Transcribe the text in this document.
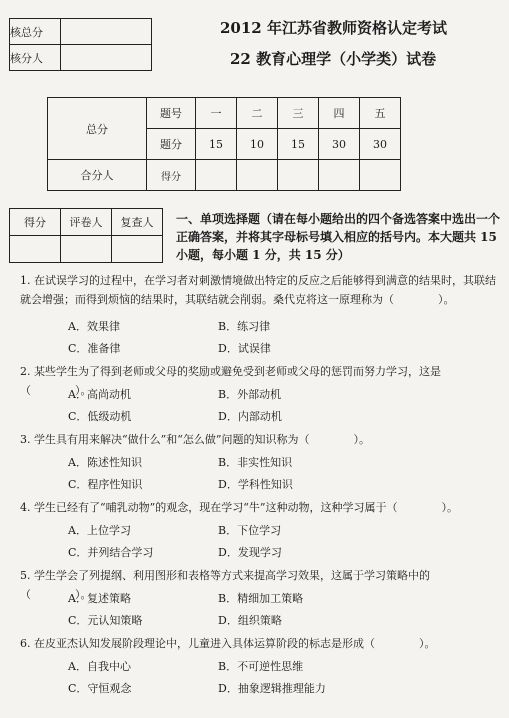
核总分	
核分人	
2012 年江苏省教师资格认定考试
22 教育心理学（小学类）试卷
总分	题号	一	二	三	四	五
	题分	15	10	15	30	30
合分人	得分					
得分	评卷人	复查人
		一、单项选择题（请在每小题给出的四个备选答案中选出一个正确答案，并将其字母标号填入相应的括号内。本大题共 15 小题，每小题 1 分，共 15 分）
1. 在试误学习的过程中，在学习者对刺激情境做出特定的反应之后能够得到满意的结果时，其联结就会增强；而得到烦恼的结果时，其联结就会削弱。桑代克将这一原理称为（　　　　）。
A．效果律	B．练习律
C．准备律	D．试误律
2. 某些学生为了得到老师或父母的奖励或避免受到老师或父母的惩罚而努力学习，这是（　　　　）。
A．高尚动机	B．外部动机
C．低级动机	D．内部动机
3. 学生具有用来解决“做什么”和“怎么做”问题的知识称为（　　　　）。
A．陈述性知识	B．非实性知识
C．程序性知识	D．学科性知识
4. 学生已经有了“哺乳动物”的观念，现在学习“牛”这种动物，这种学习属于（　　　　）。
A．上位学习	B．下位学习
C．并列结合学习	D．发现学习
5. 学生学会了列提纲、利用图形和表格等方式来提高学习效果，这属于学习策略中的（　　　　）。
A．复述策略	B．精细加工策略
C．元认知策略	D．组织策略
6. 在皮亚杰认知发展阶段理论中，儿童进入具体运算阶段的标志是形成（　　　　）。
A．自我中心	B．不可逆性思维
C．守恒观念	D．抽象逻辑推理能力
